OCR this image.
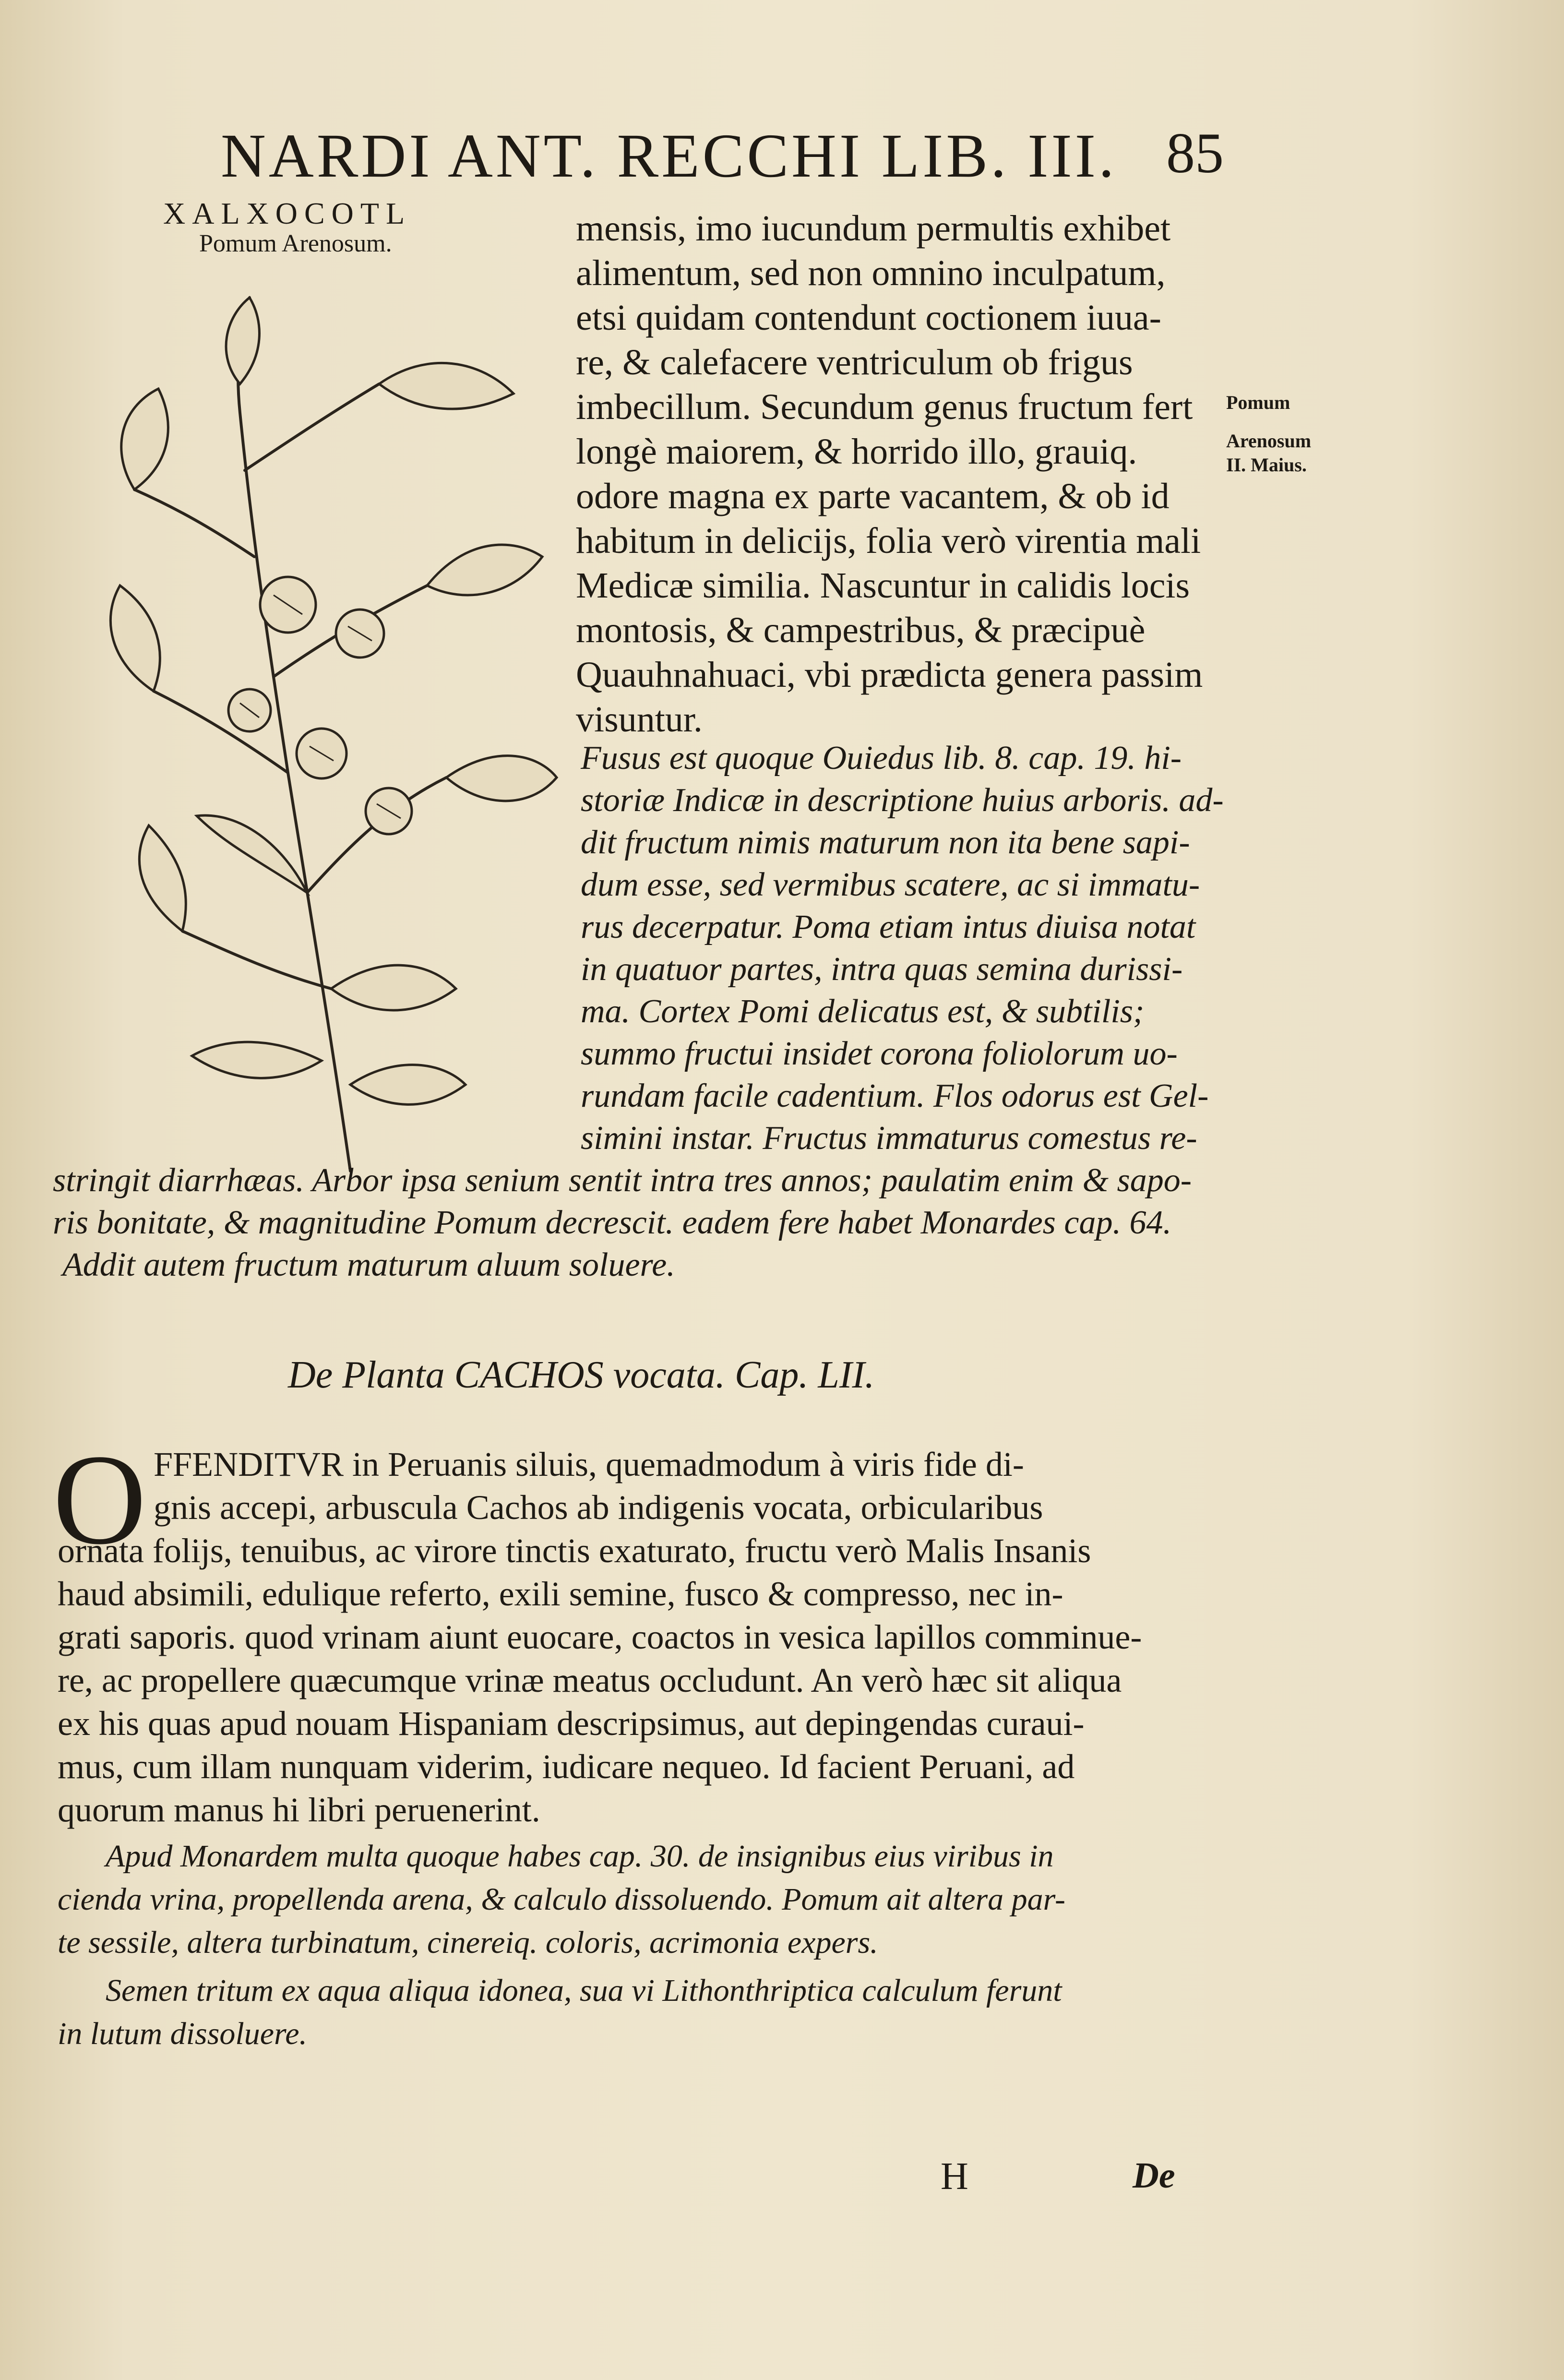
NARDI ANT. RECCHI LIB. III. 85
XALXOCOTL
Pomum Arenosum.	mensis, imo iucundum permultis exhibet
alimentum, sed non omnino inculpatum,
etsi quidam contendunt coctionem iuua-
re, & calefacere ventriculum ob frigus
imbecillum. Secundum genus fructum fert
longè maiorem, & horrido illo, grauiq.
odore magna ex parte vacantem, & ob id
habitum in delicijs, folia verò virentia mali
Medicæ similia. Nascuntur in calidis locis
montosis, & campestribus, & præcipuè
Quauhnahuaci, vbi prædicta genera passim
visuntur.
Fusus est quoque Ouiedus lib. 8. cap. 19. hi-
storiæ Indicæ in descriptione huius arboris. ad-
dit fructum nimis maturum non ita bene sapi-
dum esse, sed vermibus scatere, ac si immatu-
rus decerpatur. Poma etiam intus diuisa notat
in quatuor partes, intra quas semina durissi-
ma. Cortex Pomi delicatus est, & subtilis;
summo fructui insidet corona foliolorum uo-
rundam facile cadentium. Flos odorus est Gel-
simini instar. Fructus immaturus comestus re-
Pomum
Arenosum
II. Maius.
stringit diarrhæas. Arbor ipsa senium sentit intra tres annos; paulatim enim & sapo-
ris bonitate, & magnitudine Pomum decrescit. eadem fere habet Monardes cap. 64.
Addit autem fructum maturum aluum soluere.
De Planta CACHOS vocata. Cap. LII.
O FFENDITVR in Peruanis siluis, quemadmodum à viris fide di-
gnis accepi, arbuscula Cachos ab indigenis vocata, orbicularibus
ornata folijs, tenuibus, ac virore tinctis exaturato, fructu verò Malis Insanis
haud absimili, edulique referto, exili semine, fusco & compresso, nec in-
grati saporis. quod vrinam aiunt euocare, coactos in vesica lapillos comminue-
re, ac propellere quæcumque vrinæ meatus occludunt. An verò hæc sit aliqua
ex his quas apud nouam Hispaniam descripsimus, aut depingendas curaui-
mus, cum illam nunquam viderim, iudicare nequeo. Id facient Peruani, ad
quorum manus hi libri peruenerint.
Apud Monardem multa quoque habes cap. 30. de insignibus eius viribus in
cienda vrina, propellenda arena, & calculo dissoluendo. Pomum ait altera par-
te sessile, altera turbinatum, cinereiq. coloris, acrimonia expers.
Semen tritum ex aqua aliqua idonea, sua vi Lithonthriptica calculum ferunt
in lutum dissoluere.
H	De
